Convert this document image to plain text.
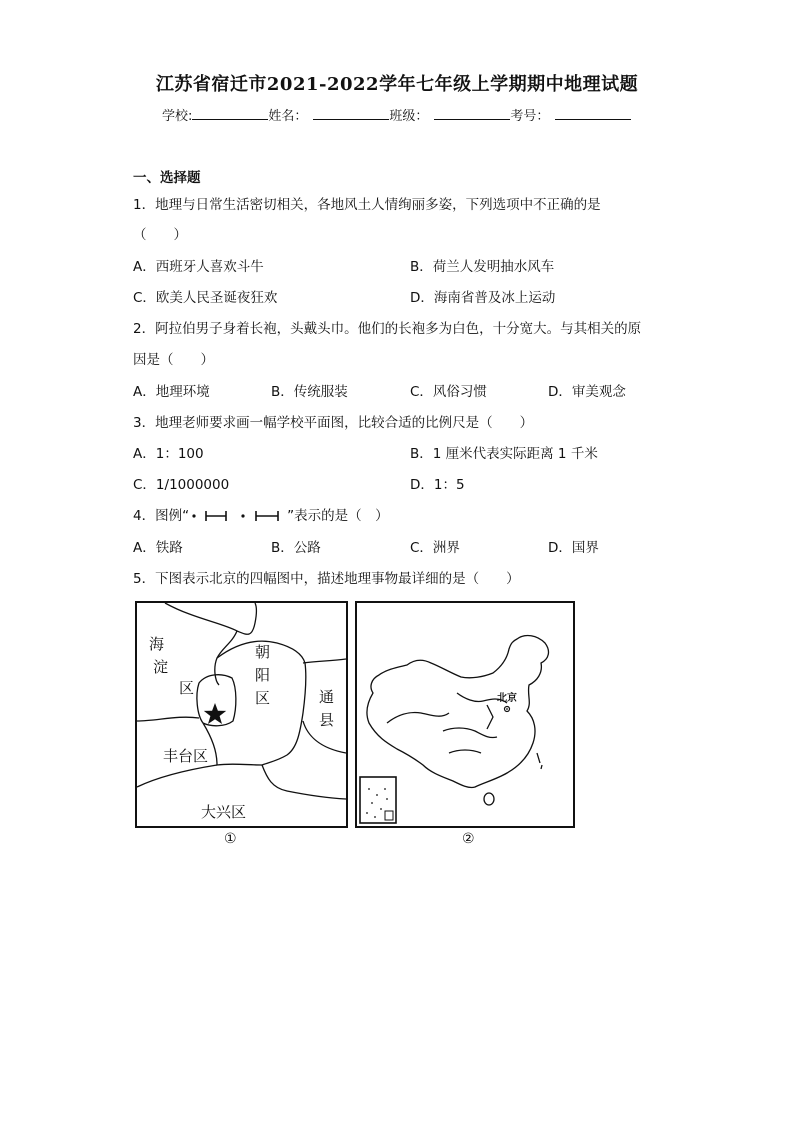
江苏省宿迁市2021-2022学年七年级上学期期中地理试题
学校:	姓名：	班级：	考号：
一、选择题
1．地理与日常生活密切相关，各地风土人情绚丽多姿，下列选项中不正确的是
（　　）
A．西班牙人喜欢斗牛	B．荷兰人发明抽水风车
C．欧美人民圣诞夜狂欢	D．海南省普及冰上运动
2．阿拉伯男子身着长袍，头戴头巾。他们的长袍多为白色，十分宽大。与其相关的原
因是（　　）
A．地理环境	B．传统服装	C．风俗习惯	D．审美观念
3．地理老师要求画一幅学校平面图，比较合适的比例尺是（　　）
A．1：100	B．1 厘米代表实际距离 1 千米
C．1/1000000	D．1：5
4．图例“	”表示的是（　）
A．铁路	B．公路	C．洲界	D．国界
5．下图表示北京的四幅图中，描述地理事物最详细的是（　　）
海
淀
区
朝
阳
区	通
县
丰台区
大兴区
①
北京
②
